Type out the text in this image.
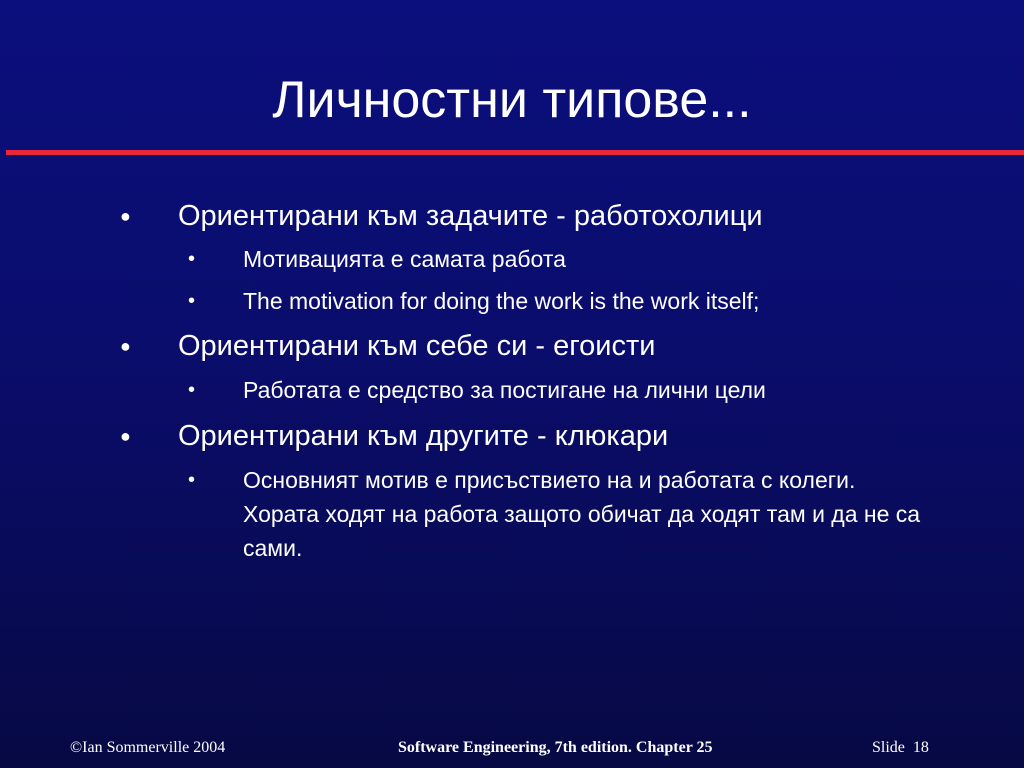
Личностни типове...
● Ориентирани към задачите - работохолици
• Мотивацията е самата работа
• The motivation for doing the work is the work itself;
● Ориентирани към себе си - егоисти
• Работата е средство за постигане на лични цели
● Ориентирани към другите - клюкари
• Основният мотив е присъствието на и работата с колеги. Хората ходят на работа защото обичат да ходят там и да не са сами.
©Ian Sommerville 2004	Software Engineering, 7th edition. Chapter 25	Slide 18
